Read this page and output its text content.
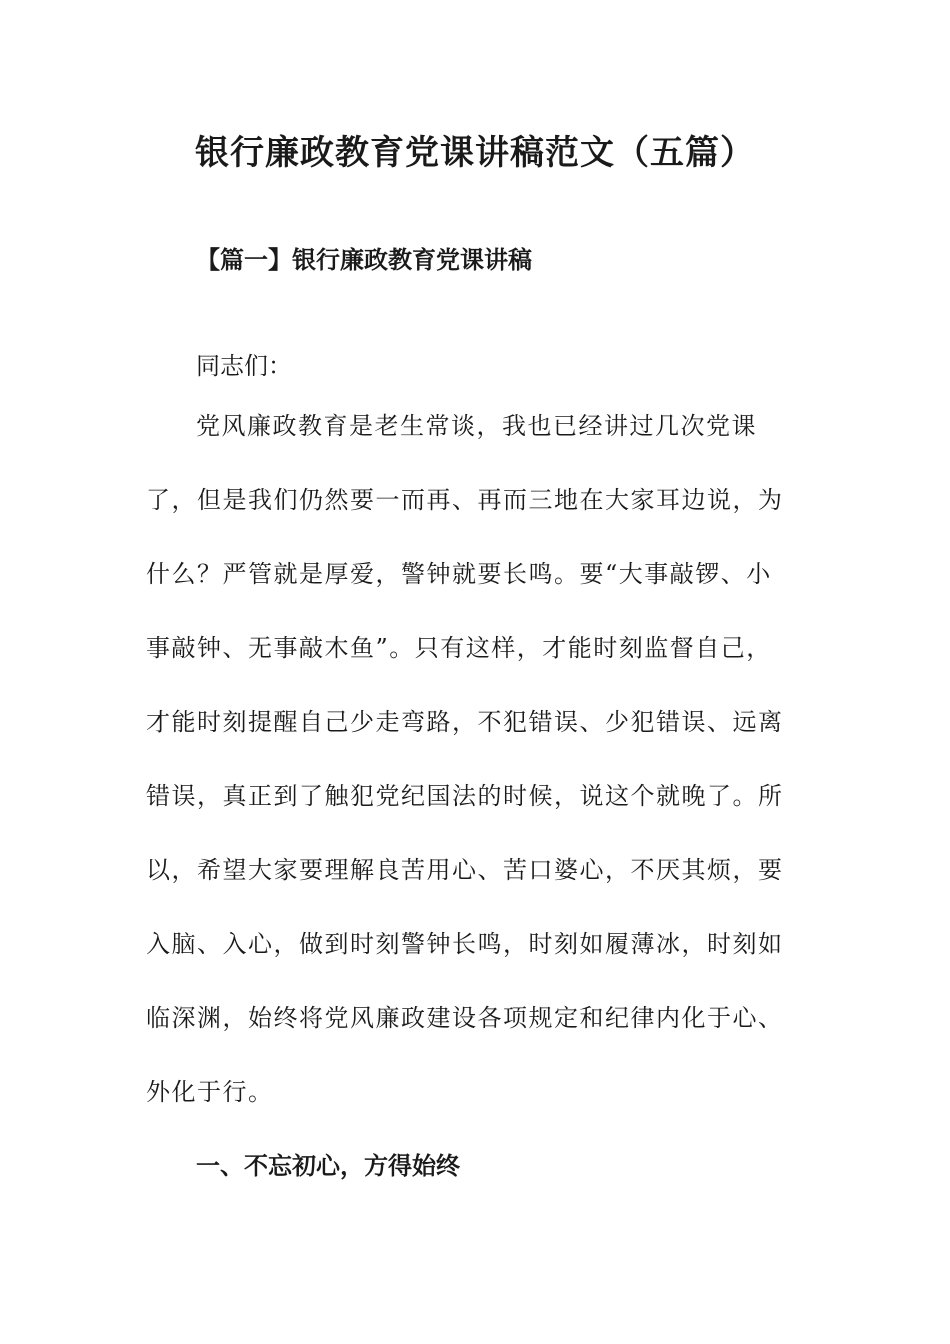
银行廉政教育党课讲稿范文（五篇）
【篇一】银行廉政教育党课讲稿

同志们：

党风廉政教育是老生常谈，我也已经讲过几次党课
了，但是我们仍然要一而再、再而三地在大家耳边说，为
什么？严管就是厚爱，警钟就要长鸣。要“大事敲锣、小
事敲钟、无事敲木鱼”。只有这样，才能时刻监督自己，
才能时刻提醒自己少走弯路，不犯错误、少犯错误、远离
错误，真正到了触犯党纪国法的时候，说这个就晚了。所
以，希望大家要理解良苦用心、苦口婆心，不厌其烦，要
入脑、入心，做到时刻警钟长鸣，时刻如履薄冰，时刻如
临深渊，始终将党风廉政建设各项规定和纪律内化于心、
外化于行。
一、不忘初心，方得始终
